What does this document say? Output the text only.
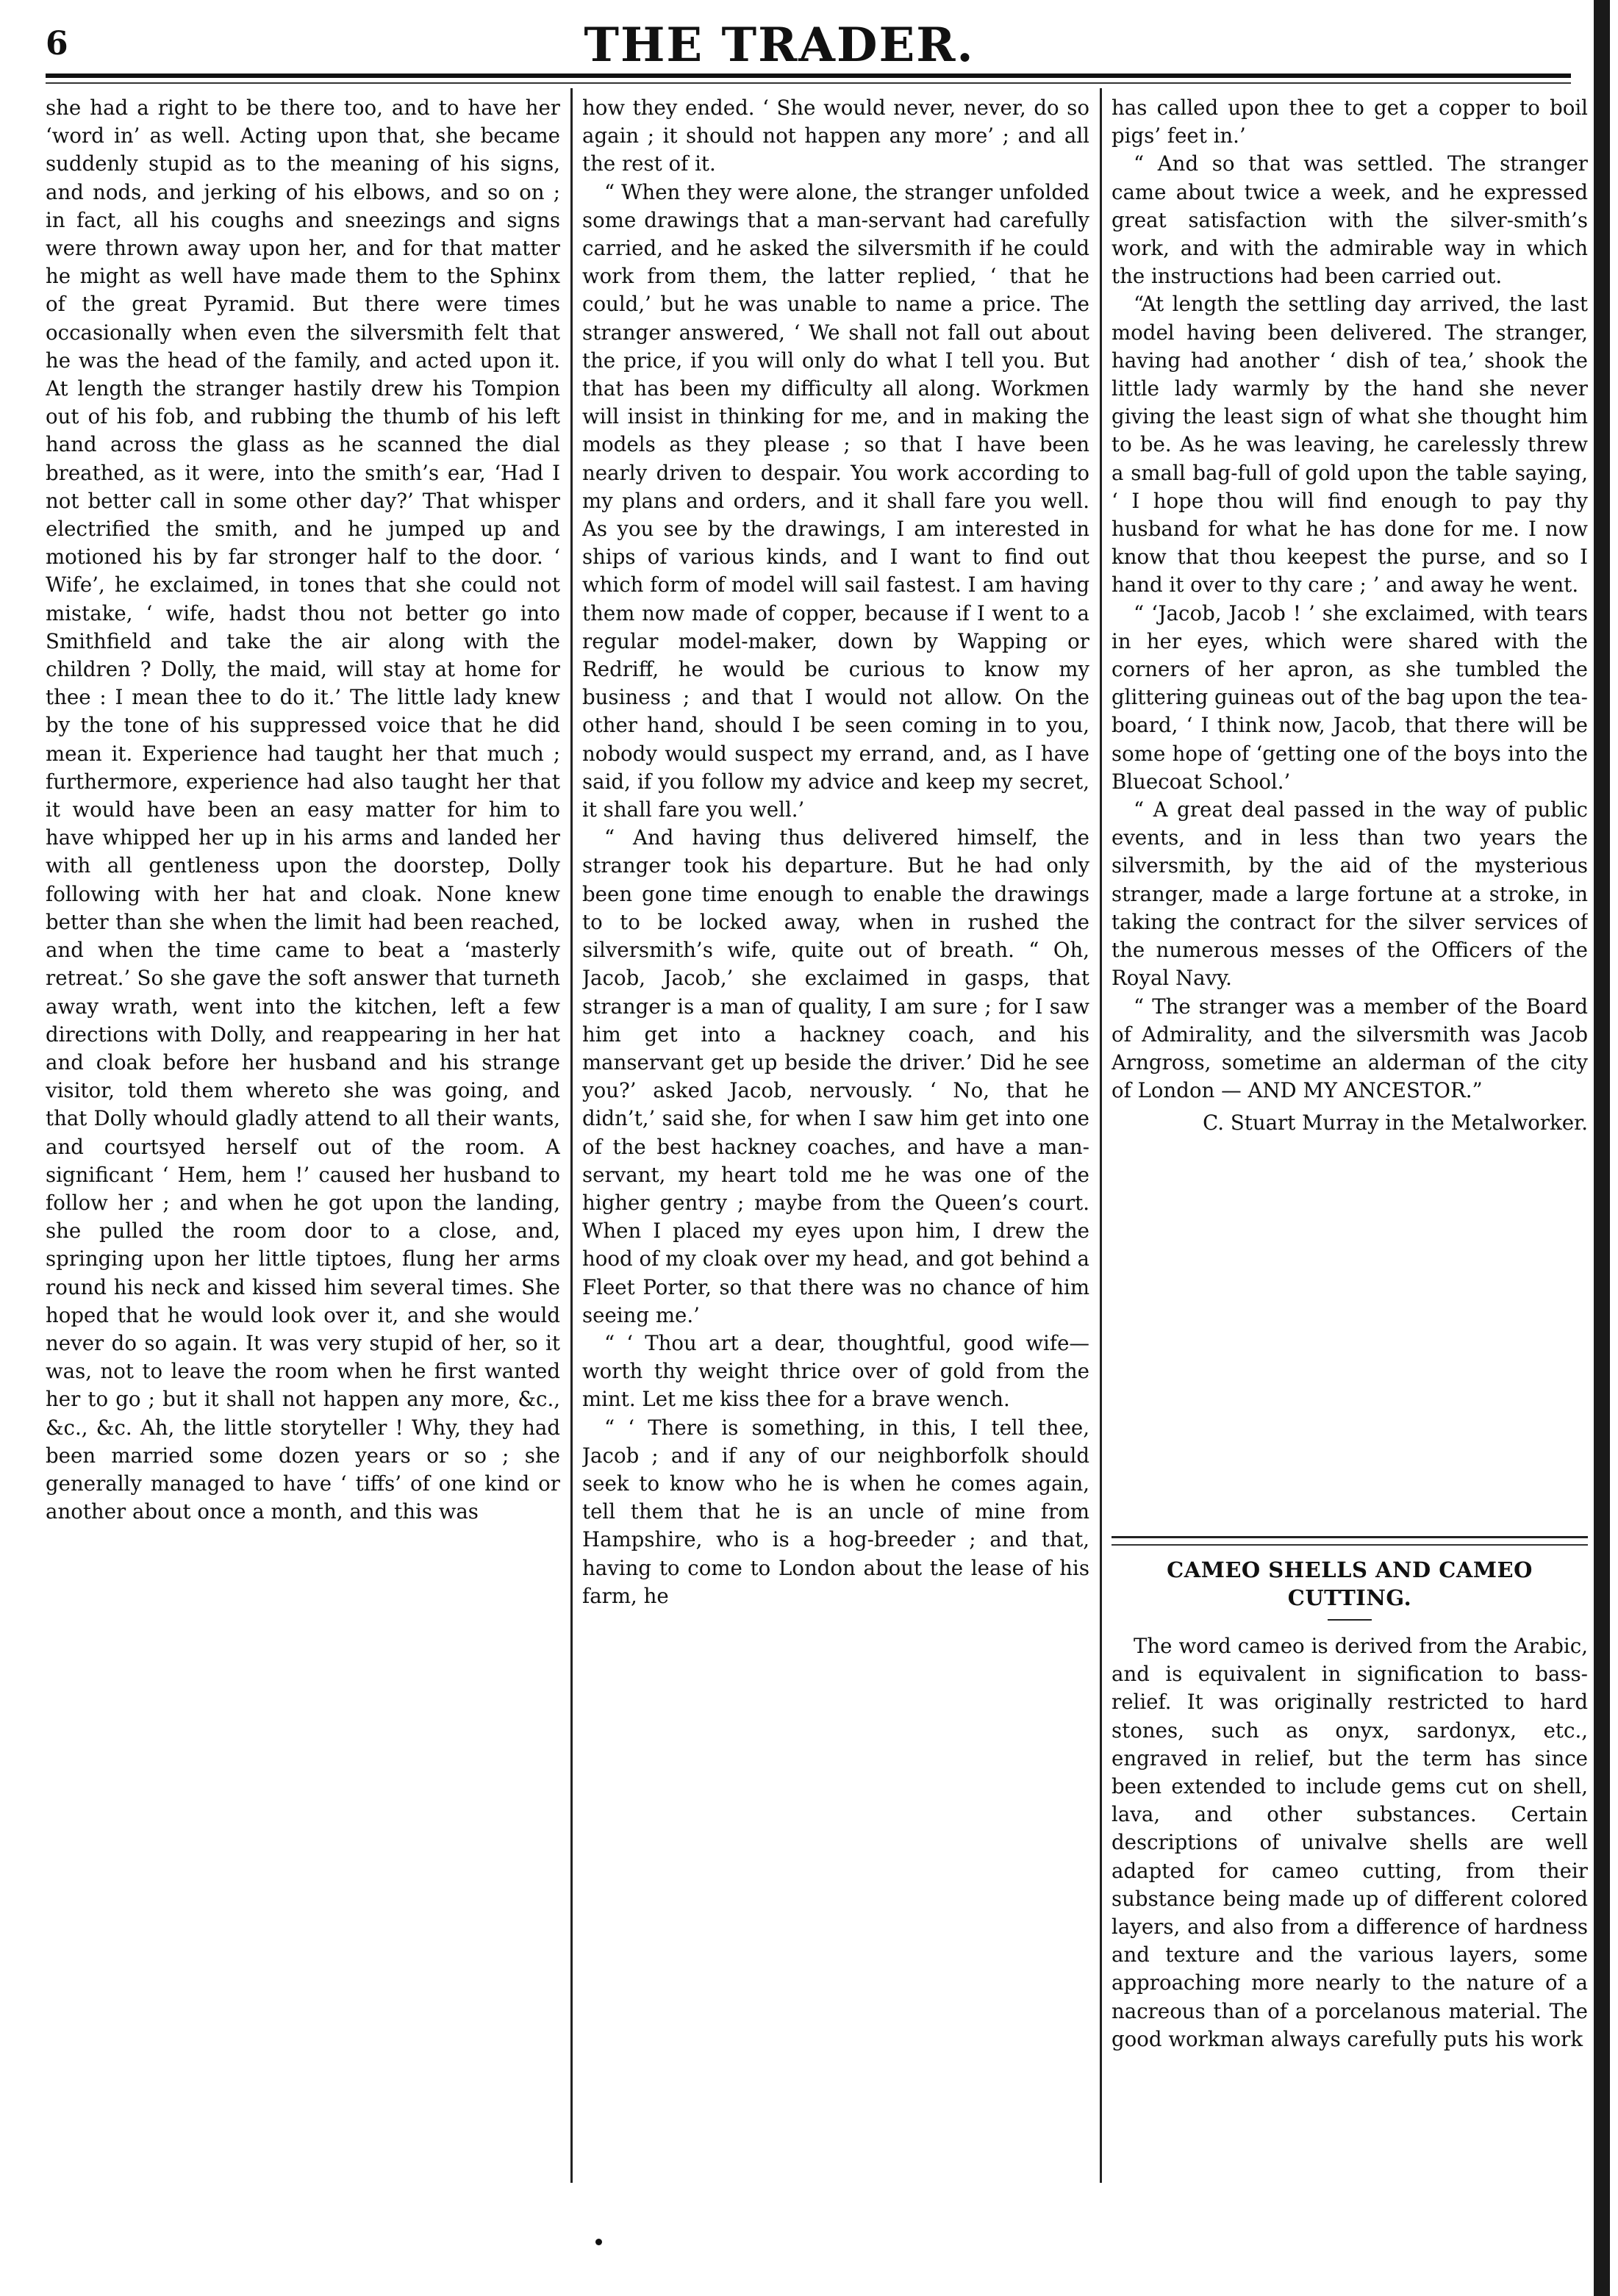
6	THE TRADER.

she had a right to be there too, and to have her ‘word in’ as well. Acting upon that, she became suddenly stupid as to the meaning of his signs, and nods, and jerking of his elbows, and so on ; in fact, all his coughs and sneezings and signs were thrown away upon her, and for that matter he might as well have made them to the Sphinx of the great Pyramid. But there were times occasionally when even the silversmith felt that he was the head of the family, and acted upon it. At length the stranger hastily drew his Tompion out of his fob, and rubbing the thumb of his left hand across the glass as he scanned the dial breathed, as it were, into the smith’s ear, ‘Had I not better call in some other day?’ That whisper electrified the smith, and he jumped up and motioned his by far stronger half to the door. ‘ Wife’, he exclaimed, in tones that she could not mistake, ‘ wife, hadst thou not better go into Smithfield and take the air along with the children ? Dolly, the maid, will stay at home for thee : I mean thee to do it.’ The little lady knew by the tone of his suppressed voice that he did mean it. Experience had taught her that much ; furthermore, experience had also taught her that it would have been an easy matter for him to have whipped her up in his arms and landed her with all gentleness upon the doorstep, Dolly following with her hat and cloak. None knew better than she when the limit had been reached, and when the time came to beat a ‘masterly retreat.’ So she gave the soft answer that turneth away wrath, went into the kitchen, left a few directions with Dolly, and reappearing in her hat and cloak before her husband and his strange visitor, told them whereto she was going, and that Dolly whould gladly attend to all their wants, and courtsyed herself out of the room. A significant ‘ Hem, hem !’ caused her husband to follow her ; and when he got upon the landing, she pulled the room door to a close, and, springing upon her little tiptoes, flung her arms round his neck and kissed him several times. She hoped that he would look over it, and she would never do so again. It was very stupid of her, so it was, not to leave the room when he first wanted her to go ; but it shall not happen any more, &c., &c., &c. Ah, the little storyteller ! Why, they had been married some dozen years or so ; she generally managed to have ‘ tiffs’ of one kind or another about once a month, and this was

how they ended. ‘ She would never, never, do so again ; it should not happen any more’ ; and all the rest of it.

“ When they were alone, the stranger unfolded some drawings that a man-servant had carefully carried, and he asked the silversmith if he could work from them, the latter replied, ‘ that he could,’ but he was unable to name a price. The stranger answered, ‘ We shall not fall out about the price, if you will only do what I tell you. But that has been my difficulty all along. Workmen will insist in thinking for me, and in making the models as they please ; so that I have been nearly driven to despair. You work according to my plans and orders, and it shall fare you well. As you see by the drawings, I am interested in ships of various kinds, and I want to find out which form of model will sail fastest. I am having them now made of copper, because if I went to a regular model-maker, down by Wapping or Redriff, he would be curious to know my business ; and that I would not allow. On the other hand, should I be seen coming in to you, nobody would suspect my errand, and, as I have said, if you follow my advice and keep my secret, it shall fare you well.’

“ And having thus delivered himself, the stranger took his departure. But he had only been gone time enough to enable the drawings to to be locked away, when in rushed the silversmith’s wife, quite out of breath. “ Oh, Jacob, Jacob,’ she exclaimed in gasps, that stranger is a man of quality, I am sure ; for I saw him get into a hackney coach, and his manservant get up beside the driver.’ Did he see you?’ asked Jacob, nervously. ‘ No, that he didn’t,’ said she, for when I saw him get into one of the best hackney coaches, and have a man-servant, my heart told me he was one of the higher gentry ; maybe from the Queen’s court. When I placed my eyes upon him, I drew the hood of my cloak over my head, and got behind a Fleet Porter, so that there was no chance of him seeing me.’

“ ‘ Thou art a dear, thoughtful, good wife—worth thy weight thrice over of gold from the mint. Let me kiss thee for a brave wench.

“ ‘ There is something, in this, I tell thee, Jacob ; and if any of our neighborfolk should seek to know who he is when he comes again, tell them that he is an uncle of mine from Hampshire, who is a hog-breeder ; and that, having to come to London about the lease of his farm, he

has called upon thee to get a copper to boil pigs’ feet in.’

“ And so that was settled. The stranger came about twice a week, and he expressed great satisfaction with the silver-smith’s work, and with the admirable way in which the instructions had been carried out.

“At length the settling day arrived, the last model having been delivered. The stranger, having had another ‘ dish of tea,’ shook the little lady warmly by the hand she never giving the least sign of what she thought him to be. As he was leaving, he carelessly threw a small bag-full of gold upon the table saying, ‘ I hope thou will find enough to pay thy husband for what he has done for me. I now know that thou keepest the purse, and so I hand it over to thy care ; ’ and away he went.

“ ‘Jacob, Jacob ! ’ she exclaimed, with tears in her eyes, which were shared with the corners of her apron, as she tumbled the glittering guineas out of the bag upon the tea-board, ‘ I think now, Jacob, that there will be some hope of ‘getting one of the boys into the Bluecoat School.’

“ A great deal passed in the way of public events, and in less than two years the silversmith, by the aid of the mysterious stranger, made a large fortune at a stroke, in taking the contract for the silver services of the numerous messes of the Officers of the Royal Navy.

“ The stranger was a member of the Board of Admirality, and the silversmith was Jacob Arngross, sometime an alderman of the city of London — AND MY ANCESTOR.”

C. Stuart Murray in the Metalworker.

CAMEO SHELLS AND CAMEO CUTTING.

The word cameo is derived from the Arabic, and is equivalent in signification to bass-relief. It was originally restricted to hard stones, such as onyx, sardonyx, etc., engraved in relief, but the term has since been extended to include gems cut on shell, lava, and other substances. Certain descriptions of univalve shells are well adapted for cameo cutting, from their substance being made up of different colored layers, and also from a difference of hardness and texture and the various layers, some approaching more nearly to the nature of a nacreous than of a porcelanous material. The good workman always carefully puts his work
